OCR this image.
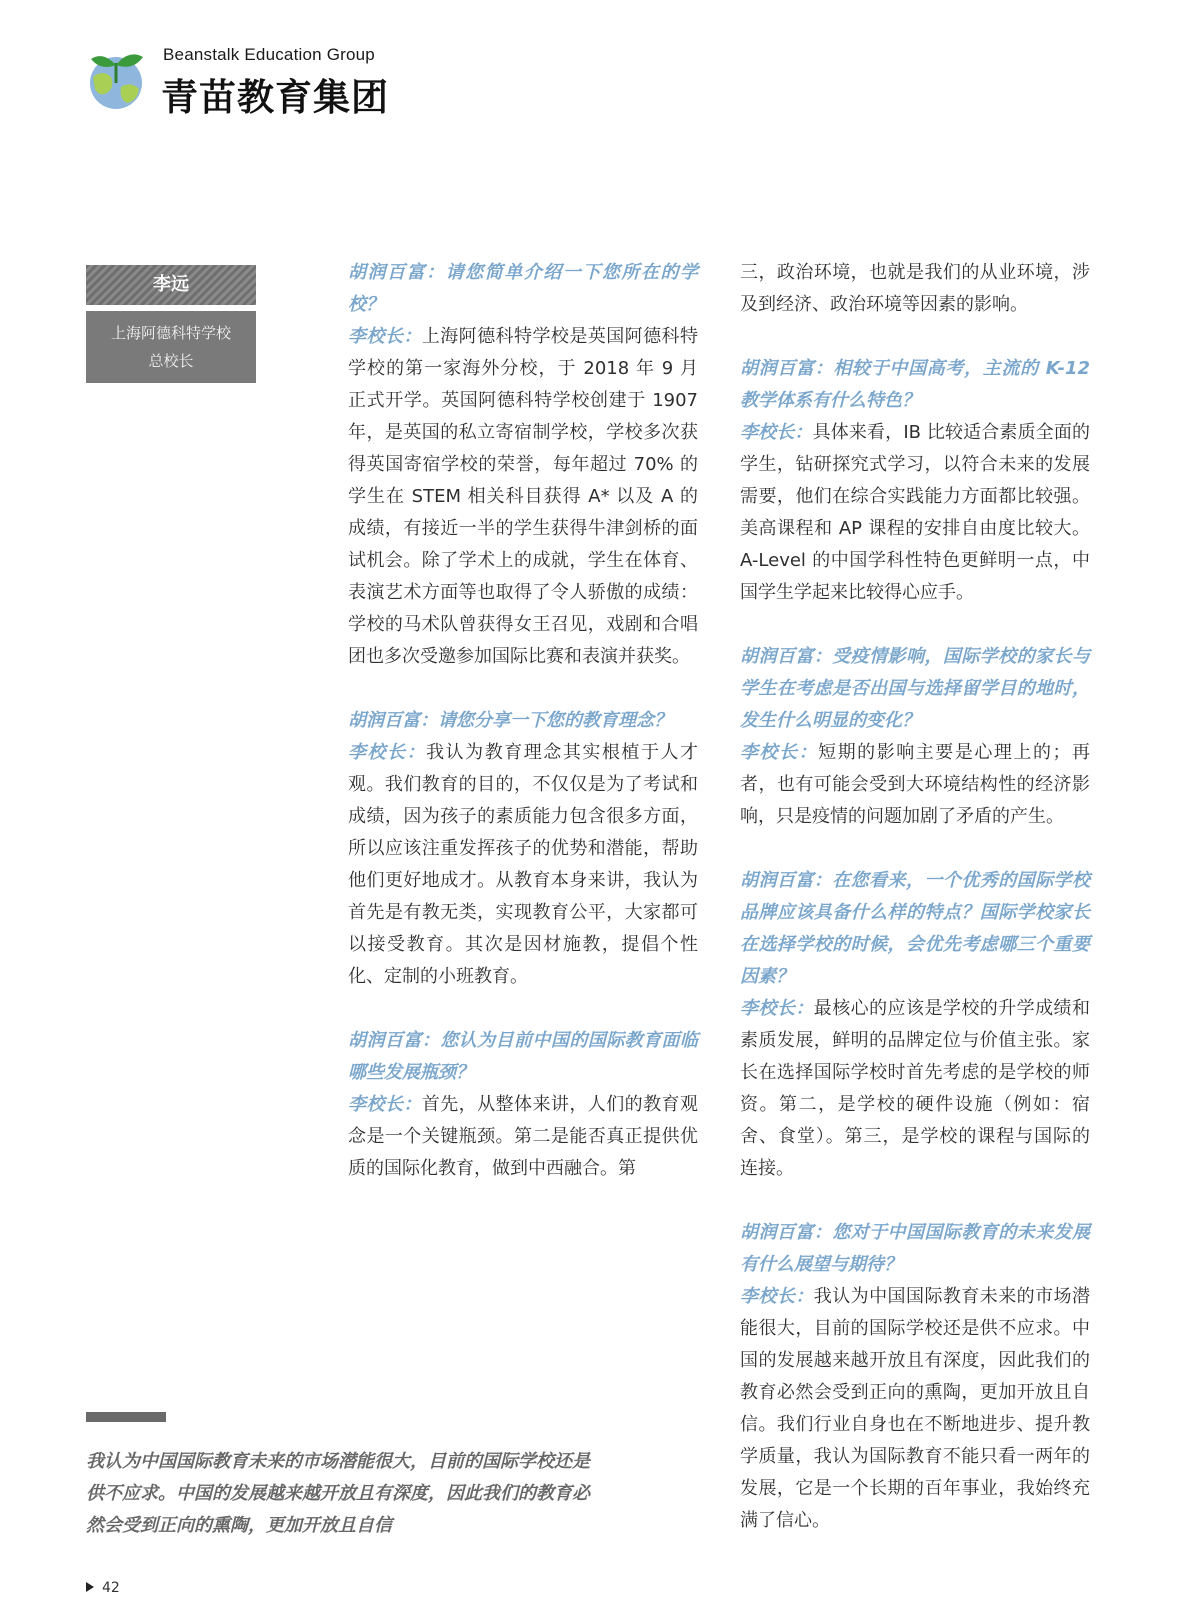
Beanstalk Education Group
青苗教育集团
李远
上海阿德科特学校
总校长

胡润百富：请您简单介绍一下您所在的学校？

李校长：上海阿德科特学校是英国阿德科特学校的第一家海外分校，于 2018 年 9 月正式开学。英国阿德科特学校创建于 1907 年，是英国的私立寄宿制学校，学校多次获得英国寄宿学校的荣誉，每年超过 70% 的学生在 STEM 相关科目获得 A* 以及 A 的成绩，有接近一半的学生获得牛津剑桥的面试机会。除了学术上的成就，学生在体育、表演艺术方面等也取得了令人骄傲的成绩：学校的马术队曾获得女王召见，戏剧和合唱团也多次受邀参加国际比赛和表演并获奖。

胡润百富：请您分享一下您的教育理念？

李校长：我认为教育理念其实根植于人才观。我们教育的目的，不仅仅是为了考试和成绩，因为孩子的素质能力包含很多方面，所以应该注重发挥孩子的优势和潜能，帮助他们更好地成才。从教育本身来讲，我认为首先是有教无类，实现教育公平，大家都可以接受教育。其次是因材施教，提倡个性化、定制的小班教育。

胡润百富：您认为目前中国的国际教育面临哪些发展瓶颈？

李校长：首先，从整体来讲，人们的教育观念是一个关键瓶颈。第二是能否真正提供优质的国际化教育，做到中西融合。第

三，政治环境，也就是我们的从业环境，涉及到经济、政治环境等因素的影响。

胡润百富：相较于中国高考，主流的 K-12 教学体系有什么特色？

李校长：具体来看，IB 比较适合素质全面的学生，钻研探究式学习，以符合未来的发展需要，他们在综合实践能力方面都比较强。美高课程和 AP 课程的安排自由度比较大。A-Level 的中国学科性特色更鲜明一点，中国学生学起来比较得心应手。

胡润百富：受疫情影响，国际学校的家长与学生在考虑是否出国与选择留学目的地时，发生什么明显的变化？

李校长：短期的影响主要是心理上的；再者，也有可能会受到大环境结构性的经济影响，只是疫情的问题加剧了矛盾的产生。

胡润百富：在您看来，一个优秀的国际学校品牌应该具备什么样的特点？国际学校家长在选择学校的时候，会优先考虑哪三个重要因素？

李校长：最核心的应该是学校的升学成绩和素质发展，鲜明的品牌定位与价值主张。家长在选择国际学校时首先考虑的是学校的师资。第二，是学校的硬件设施（例如：宿舍、食堂）。第三，是学校的课程与国际的连接。

胡润百富：您对于中国国际教育的未来发展有什么展望与期待？

李校长：我认为中国国际教育未来的市场潜能很大，目前的国际学校还是供不应求。中国的发展越来越开放且有深度，因此我们的教育必然会受到正向的熏陶，更加开放且自信。我们行业自身也在不断地进步、提升教学质量，我认为国际教育不能只看一两年的发展，它是一个长期的百年事业，我始终充满了信心。

我认为中国国际教育未来的市场潜能很大，目前的国际学校还是供不应求。中国的发展越来越开放且有深度，因此我们的教育必然会受到正向的熏陶，更加开放且自信
42
